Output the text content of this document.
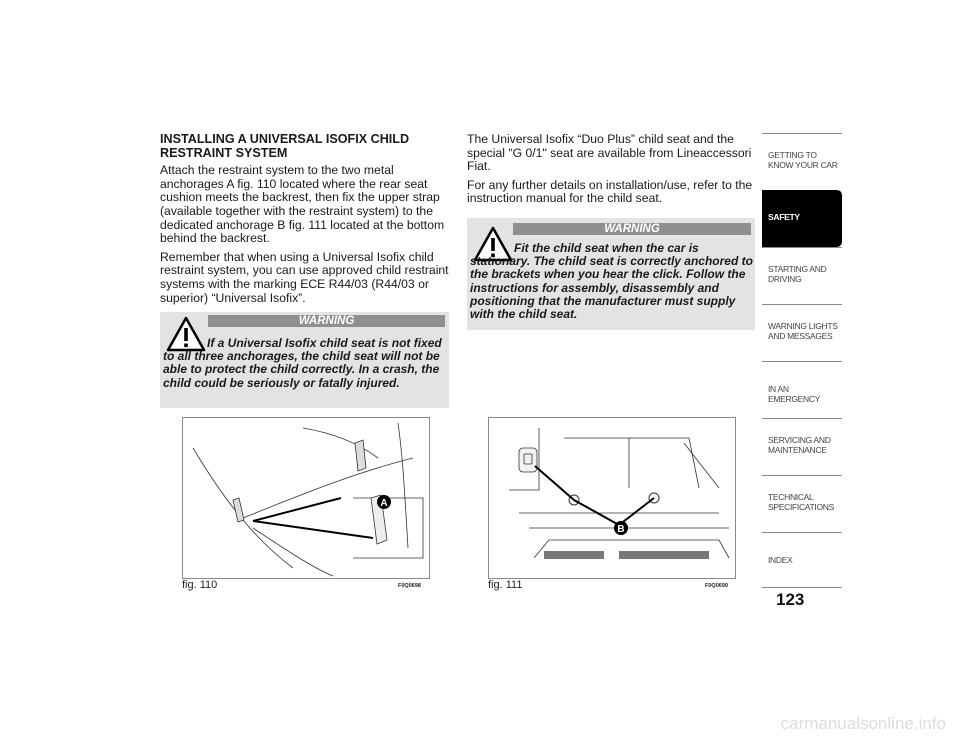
INSTALLING A UNIVERSAL ISOFIX CHILD
RESTRAINT SYSTEM

Attach the restraint system to the two metal anchorages A fig. 110 located where the rear seat cushion meets the backrest, then fix the upper strap (available together with the restraint system) to the dedicated anchorage B fig. 111 located at the bottom behind the backrest.

Remember that when using a Universal Isofix child restraint system, you can use approved child restraint systems with the marking ECE R44/03 (R44/03 or superior) “Universal Isofix”.

WARNING
If a Universal Isofix child seat is not fixed to all three anchorages, the child seat will not be able to protect the child correctly. In a crash, the child could be seriously or fatally injured.

The Universal Isofix “Duo Plus” child seat and the special "G 0/1" seat are available from Lineaccessori Fiat.

For any further details on installation/use, refer to the instruction manual for the child seat.

WARNING
Fit the child seat when the car is stationary. The child seat is correctly anchored to the brackets when you hear the click. Follow the instructions for assembly, disassembly and positioning that the manufacturer must supply with the child seat.
A
fig. 110	F0Q0698
B
fig. 111	F0Q0699
GETTING TO KNOW YOUR CAR
SAFETY
STARTING AND DRIVING
WARNING LIGHTS AND MESSAGES
IN AN EMERGENCY
SERVICING AND MAINTENANCE
TECHNICAL SPECIFICATIONS
INDEX
123
carmanualsonline.info
